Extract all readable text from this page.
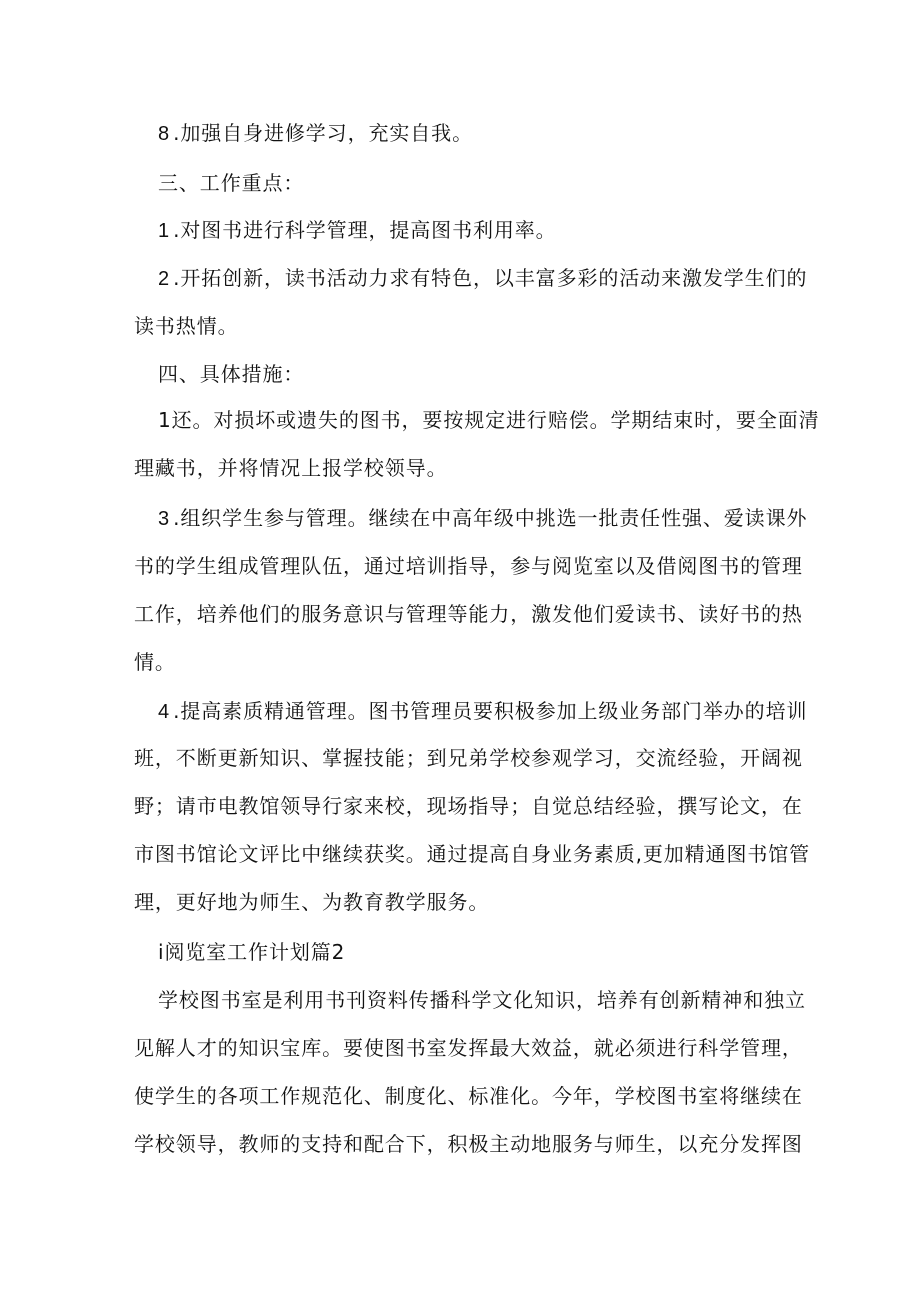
8 .加强自身进修学习，充实自我。
三、工作重点：
1 .对图书进行科学管理，提高图书利用率。
2 .开拓创新，读书活动力求有特色，以丰富多彩的活动来激发学生们的
读书热情。
四、具体措施：
1还。对损坏或遗失的图书，要按规定进行赔偿。学期结束时，要全面清
理藏书，并将情况上报学校领导。
3 .组织学生参与管理。继续在中高年级中挑选一批责任性强、爱读课外
书的学生组成管理队伍，通过培训指导，参与阅览室以及借阅图书的管理
工作，培养他们的服务意识与管理等能力，激发他们爱读书、读好书的热
情。
4 .提高素质精通管理。图书管理员要积极参加上级业务部门举办的培训
班，不断更新知识、掌握技能；到兄弟学校参观学习，交流经验，开阔视
野；请市电教馆领导行家来校，现场指导；自觉总结经验，撰写论文，在
市图书馆论文评比中继续获奖。通过提高自身业务素质,更加精通图书馆管
理，更好地为师生、为教育教学服务。
i阅览室工作计划篇2
学校图书室是利用书刊资料传播科学文化知识，培养有创新精神和独立
见解人才的知识宝库。要使图书室发挥最大效益，就必须进行科学管理，
使学生的各项工作规范化、制度化、标准化。今年，学校图书室将继续在
学校领导，教师的支持和配合下，积极主动地服务与师生，以充分发挥图
